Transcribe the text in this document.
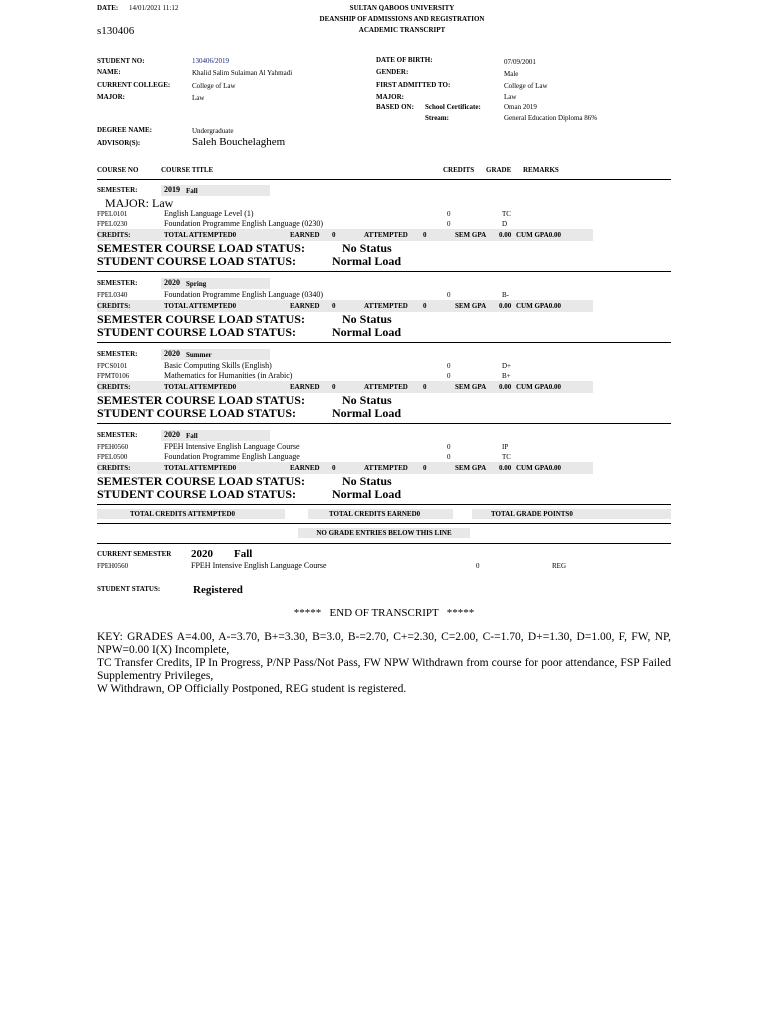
DATE: 14/01/2021 11:12	SULTAN QABOOS UNIVERSITY
DEANSHIP OF ADMISSIONS AND REGISTRATION
ACADEMIC TRANSCRIPT
s130406
STUDENT NO:	130406/2019
NAME:	Khalid Salim Sulaiman Al Yahmadi
CURRENT COLLEGE:	College of Law
MAJOR:	Law
DATE OF BIRTH:	07/09/2001
GENDER:	Male
FIRST ADMITTED TO:	College of Law
MAJOR:	Law
BASED ON: School Certificate:	Oman 2019
Stream:	General Education Diploma 86%
DEGREE NAME:	Undergraduate
ADVISOR(S):	Saleh Bouchelaghem
COURSE NO	COURSE TITLE	CREDITS GRADE REMARKS
SEMESTER:	2019 Fall
MAJOR: Law
FPEL0101	English Language Level (1)	0	TC
FPEL0230	Foundation Programme English Language (0230)	0	D
CREDITS:	TOTAL ATTEMPTED0	EARNED 0	ATTEMPTED 0	SEM GPA 0.00 CUM GPA0.00
SEMESTER COURSE LOAD STATUS:	No Status
STUDENT COURSE LOAD STATUS:	Normal Load
SEMESTER:	2020 Spring
FPEL0340	Foundation Programme English Language (0340)	0	B-
CREDITS:	TOTAL ATTEMPTED0	EARNED 0	ATTEMPTED 0	SEM GPA 0.00 CUM GPA0.00
SEMESTER COURSE LOAD STATUS:	No Status
STUDENT COURSE LOAD STATUS:	Normal Load
SEMESTER:	2020 Summer
FPCS0101	Basic Computing Skills (English)	0	D+
FPMT0106	Mathematics for Humanities (in Arabic)	0	B+
CREDITS:	TOTAL ATTEMPTED0	EARNED 0	ATTEMPTED 0	SEM GPA 0.00 CUM GPA0.00
SEMESTER COURSE LOAD STATUS:	No Status
STUDENT COURSE LOAD STATUS:	Normal Load
SEMESTER:	2020 Fall
FPEH0560	FPEH Intensive English Language Course	0	IP
FPEL0500	Foundation Programme English Language	0	TC
CREDITS:	TOTAL ATTEMPTED0	EARNED 0	ATTEMPTED 0	SEM GPA 0.00 CUM GPA0.00
SEMESTER COURSE LOAD STATUS:	No Status
STUDENT COURSE LOAD STATUS:	Normal Load
TOTAL CREDITS ATTEMPTED0	TOTAL CREDITS EARNED0	TOTAL GRADE POINTS0
NO GRADE ENTRIES BELOW THIS LINE
CURRENT SEMESTER 2020 Fall
FPEH0560	FPEH Intensive English Language Course	0	REG
STUDENT STATUS:	Registered
*****   END OF TRANSCRIPT   *****
KEY: GRADES A=4.00, A-=3.70, B+=3.30, B=3.0, B-=2.70, C+=2.30, C=2.00, C-=1.70, D+=1.30, D=1.00, F, FW, NP, NPW=0.00 I(X) Incomplete,
TC Transfer Credits, IP In Progress, P/NP Pass/Not Pass, FW NPW Withdrawn from course for poor attendance, FSP Failed Supplementry Privileges,
W Withdrawn, OP Officially Postponed, REG student is registered.
